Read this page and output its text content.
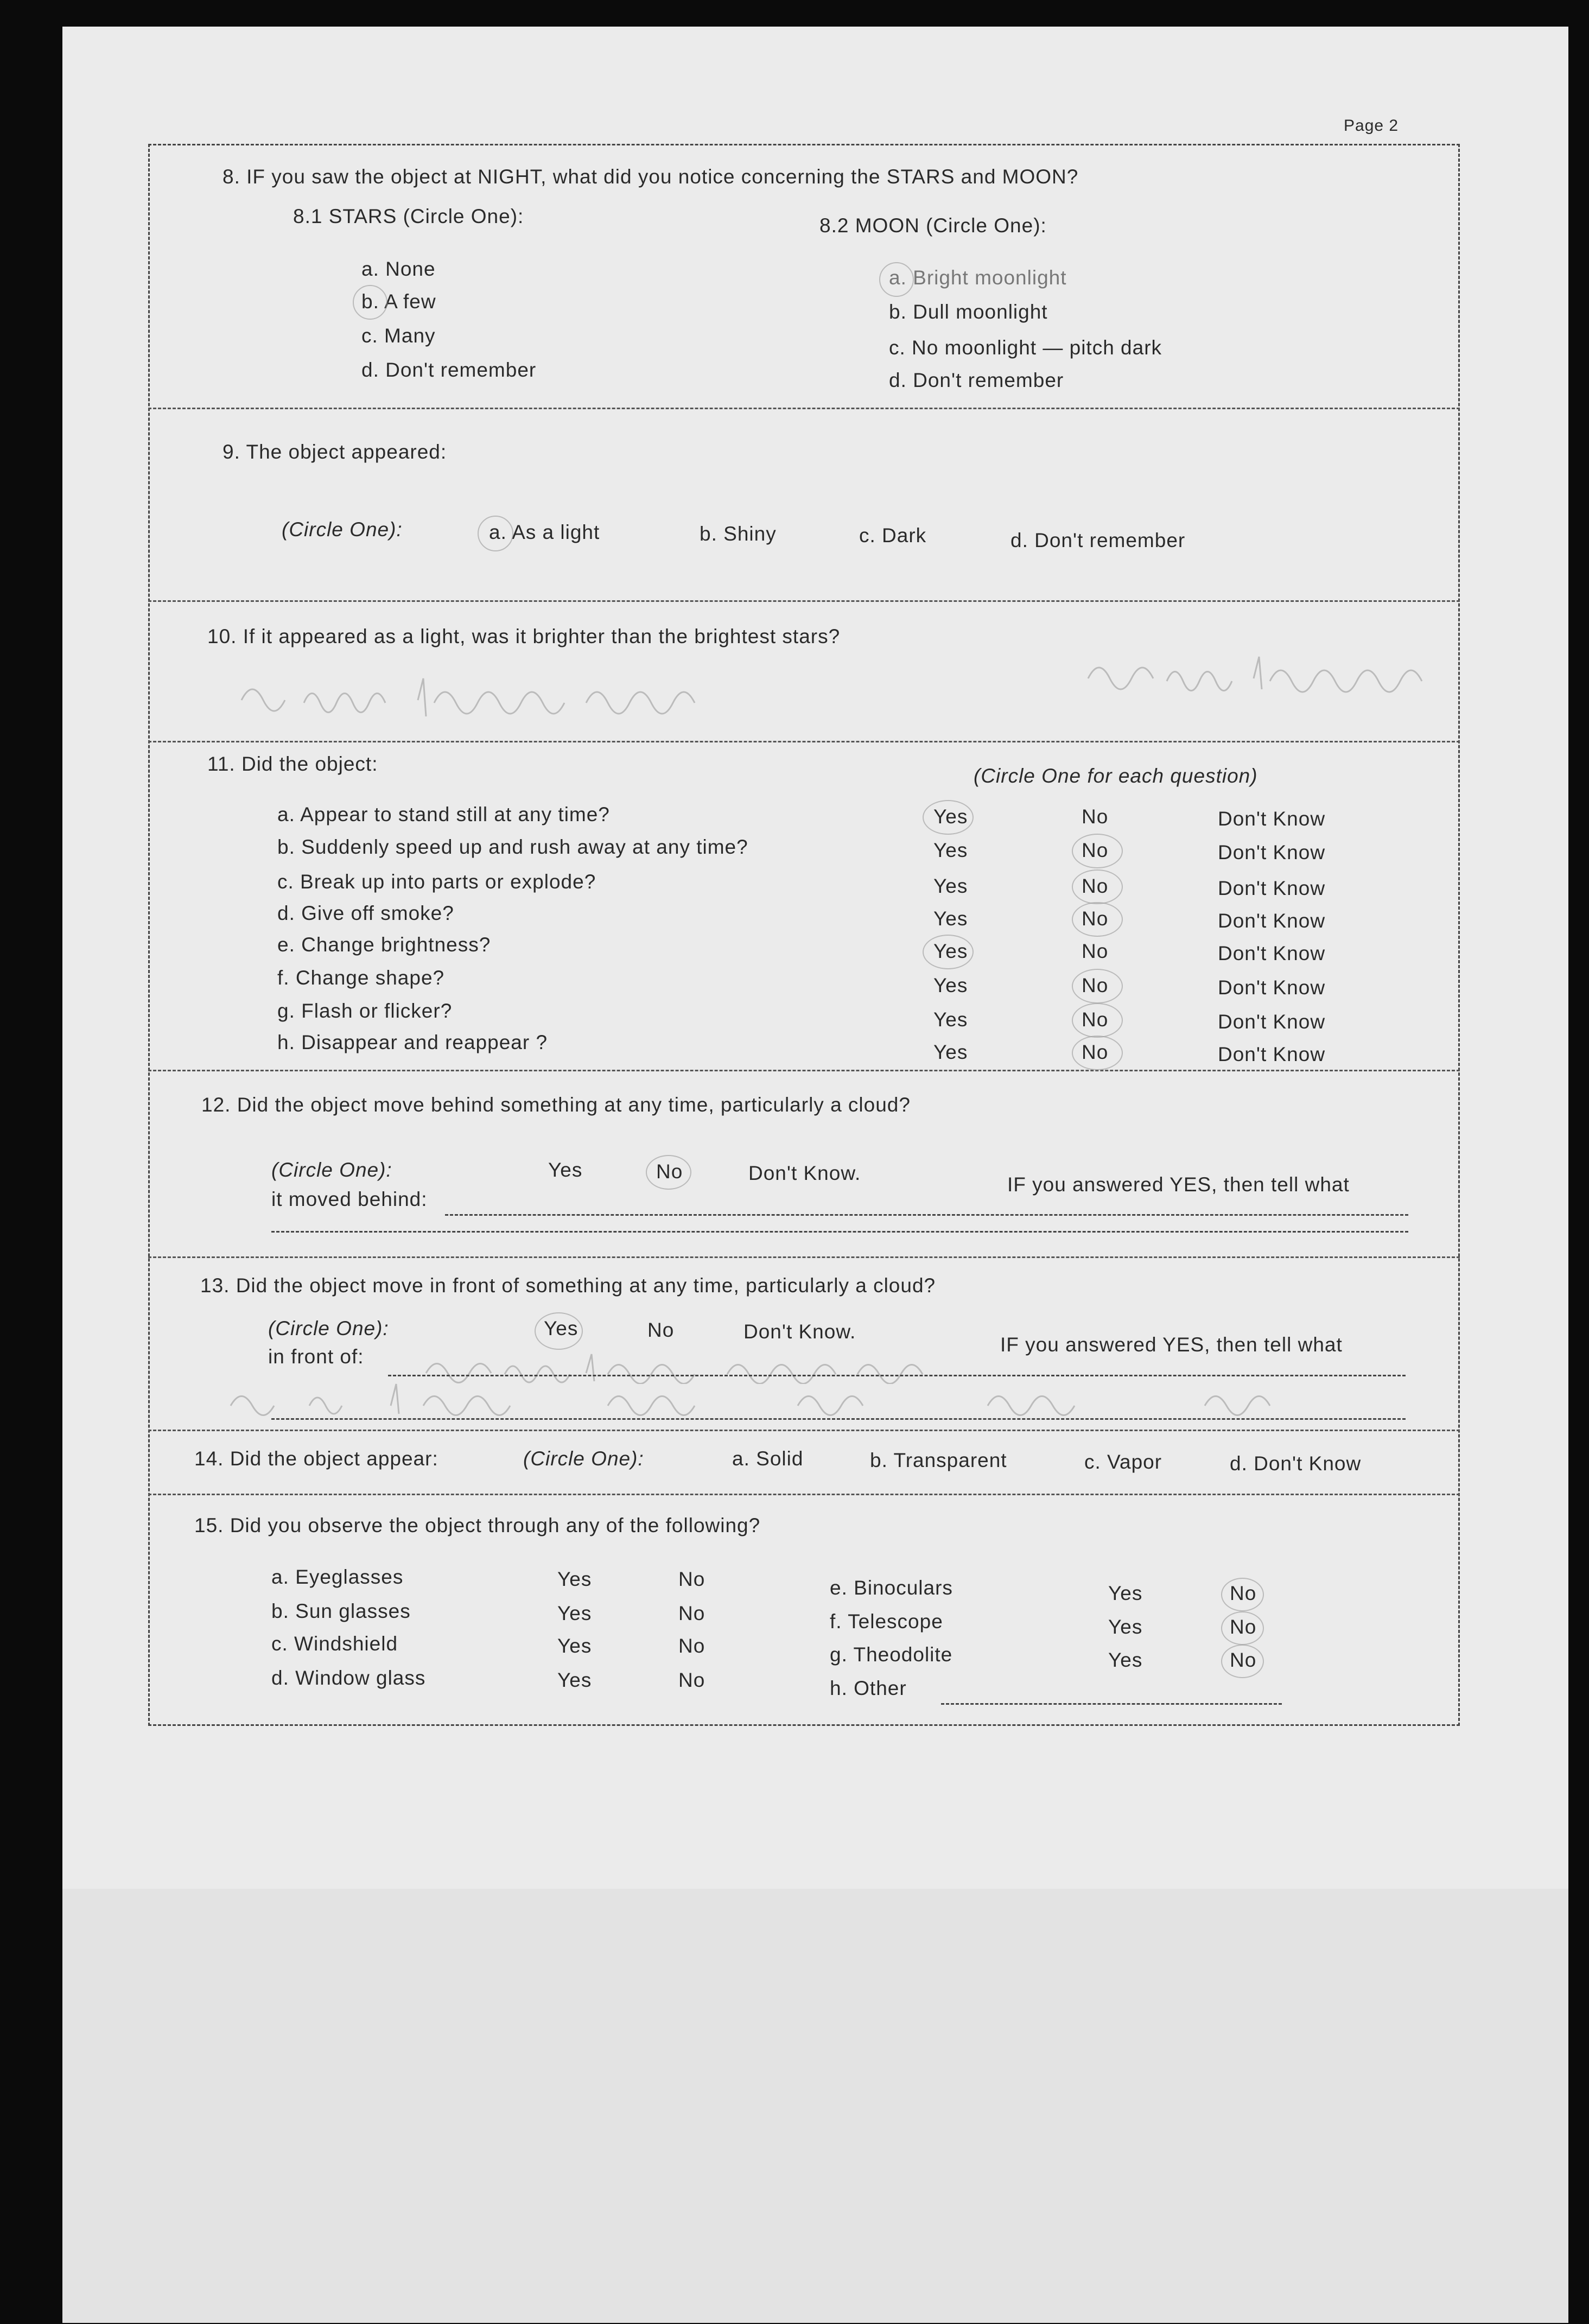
Page 2
8. IF you saw the object at NIGHT, what did you notice concerning the STARS and MOON?
8.1 STARS (Circle One):	8.2 MOON (Circle One):
a. None
b. A few
c. Many
d. Don't remember
a. Bright moonlight
b. Dull moonlight
c. No moonlight — pitch dark
d. Don't remember
9. The object appeared:
(Circle One):	a. As a light	b. Shiny	c. Dark	d. Don't remember
10. If it appeared as a light, was it brighter than the brightest stars?
11. Did the object:
(Circle One for each question)
a. Appear to stand still at any time?	Yes	No	Don't Know
b. Suddenly speed up and rush away at any time?	Yes	No	Don't Know
c. Break up into parts or explode?	Yes	No	Don't Know
d. Give off smoke?	Yes	No	Don't Know
e. Change brightness?	Yes	No	Don't Know
f. Change shape?	Yes	No	Don't Know
g. Flash or flicker?	Yes	No	Don't Know
h. Disappear and reappear ?	Yes	No	Don't Know
12. Did the object move behind something at any time, particularly a cloud?
(Circle One):	Yes	No	Don't Know.
IF you answered YES, then tell what
it moved behind:
13. Did the object move in front of something at any time, particularly a cloud?
(Circle One):	Yes	No	Don't Know.
IF you answered YES, then tell what
in front of:
14. Did the object appear:	(Circle One):	a. Solid	b. Transparent	c. Vapor	d. Don't Know
15. Did you observe the object through any of the following?
a. Eyeglasses	Yes	No
b. Sun glasses	Yes	No
c. Windshield	Yes	No
d. Window glass	Yes	No
e. Binoculars	Yes	No
f. Telescope	Yes	No
g. Theodolite	Yes	No
h. Other
